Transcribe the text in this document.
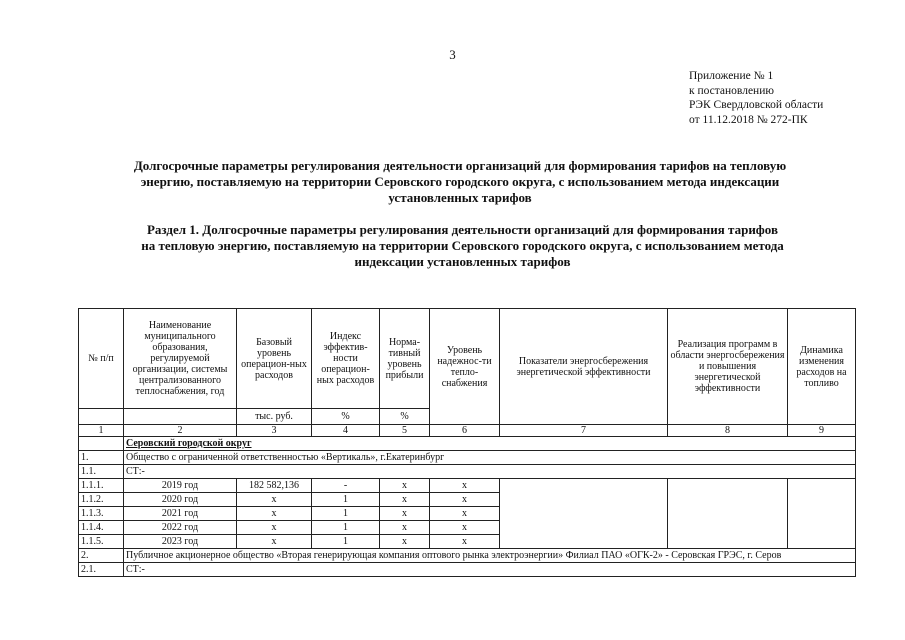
3
Приложение № 1
к постановлению
РЭК Свердловской области
от 11.12.2018 № 272-ПК
Долгосрочные параметры регулирования деятельности организаций для формирования тарифов на тепловую
энергию, поставляемую на территории Серовского городского округа, с использованием метода индексации
установленных тарифов
Раздел 1. Долгосрочные параметры регулирования деятельности организаций для формирования тарифов
на тепловую энергию, поставляемую на территории Серовского городского округа, с использованием метода
индексации установленных тарифов
№ п/п	Наименование муниципального образования, регулируемой организации, системы централизованного теплоснабжения, год	Базовый уровень операцион-ных расходов	Индекс эффектив-ности операцион-ных расходов	Норма-тивный уровень прибыли	Уровень надежнос-ти тепло-снабжения	Показатели энергосбережения энергетической эффективности	Реализация программ в области энергосбережения и повышения энергетической эффективности	Динамика изменения расходов на топливо
		тыс. руб.	%	%				
1	2	3	4	5	6	7	8	9
	Серовский городской округ							
1.	Общество с ограниченной ответственностью «Вертикаль», г.Екатеринбург							
1.1.	СТ:-							
1.1.1.	2019 год	182 582,136	-	x	x			
1.1.2.	2020 год	x	1	x	x			
1.1.3.	2021 год	x	1	x	x			
1.1.4.	2022 год	x	1	x	x			
1.1.5.	2023 год	x	1	x	x			
2.	Публичное акционерное общество «Вторая генерирующая компания оптового рынка электроэнергии» Филиал ПАО «ОГК-2» - Серовская ГРЭС, г. Серов							
2.1.	СТ:-							
